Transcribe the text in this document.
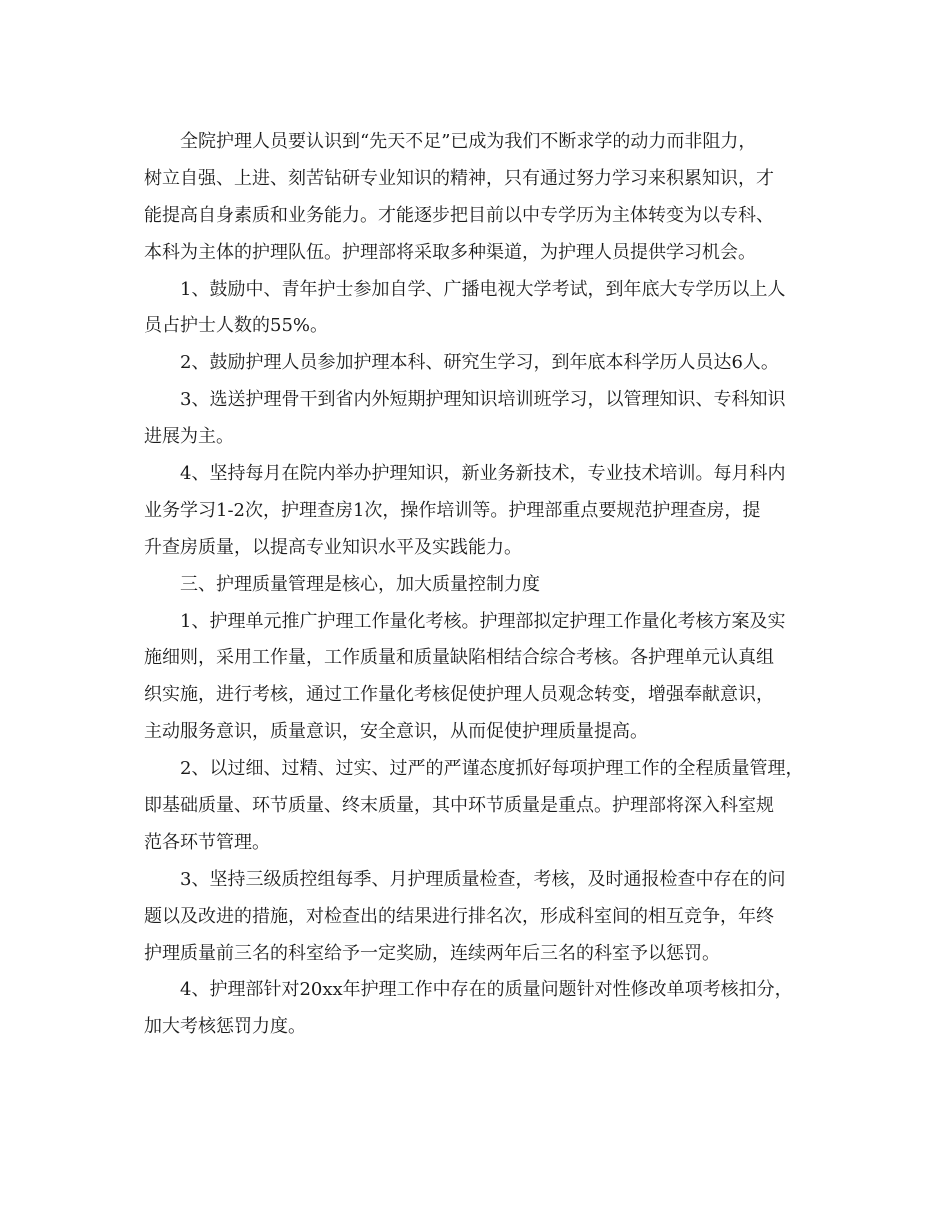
全院护理人员要认识到“先天不足”已成为我们不断求学的动力而非阻力，
树立自强、上进、刻苦钻研专业知识的精神，只有通过努力学习来积累知识，才
能提高自身素质和业务能力。才能逐步把目前以中专学历为主体转变为以专科、
本科为主体的护理队伍。护理部将采取多种渠道，为护理人员提供学习机会。
1、鼓励中、青年护士参加自学、广播电视大学考试，到年底大专学历以上人
员占护士人数的55%。
2、鼓励护理人员参加护理本科、研究生学习，到年底本科学历人员达6人。
3、选送护理骨干到省内外短期护理知识培训班学习，以管理知识、专科知识
进展为主。
4、坚持每月在院内举办护理知识，新业务新技术，专业技术培训。每月科内
业务学习1-2次，护理查房1次，操作培训等。护理部重点要规范护理查房，提
升查房质量，以提高专业知识水平及实践能力。
三、护理质量管理是核心，加大质量控制力度
1、护理单元推广护理工作量化考核。护理部拟定护理工作量化考核方案及实
施细则，采用工作量，工作质量和质量缺陷相结合综合考核。各护理单元认真组
织实施，进行考核，通过工作量化考核促使护理人员观念转变，增强奉献意识，
主动服务意识，质量意识，安全意识，从而促使护理质量提高。
2、以过细、过精、过实、过严的严谨态度抓好每项护理工作的全程质量管理，
即基础质量、环节质量、终末质量，其中环节质量是重点。护理部将深入科室规
范各环节管理。
3、坚持三级质控组每季、月护理质量检查，考核，及时通报检查中存在的问
题以及改进的措施，对检查出的结果进行排名次，形成科室间的相互竞争，年终
护理质量前三名的科室给予一定奖励，连续两年后三名的科室予以惩罚。
4、护理部针对20xx年护理工作中存在的质量问题针对性修改单项考核扣分，
加大考核惩罚力度。
